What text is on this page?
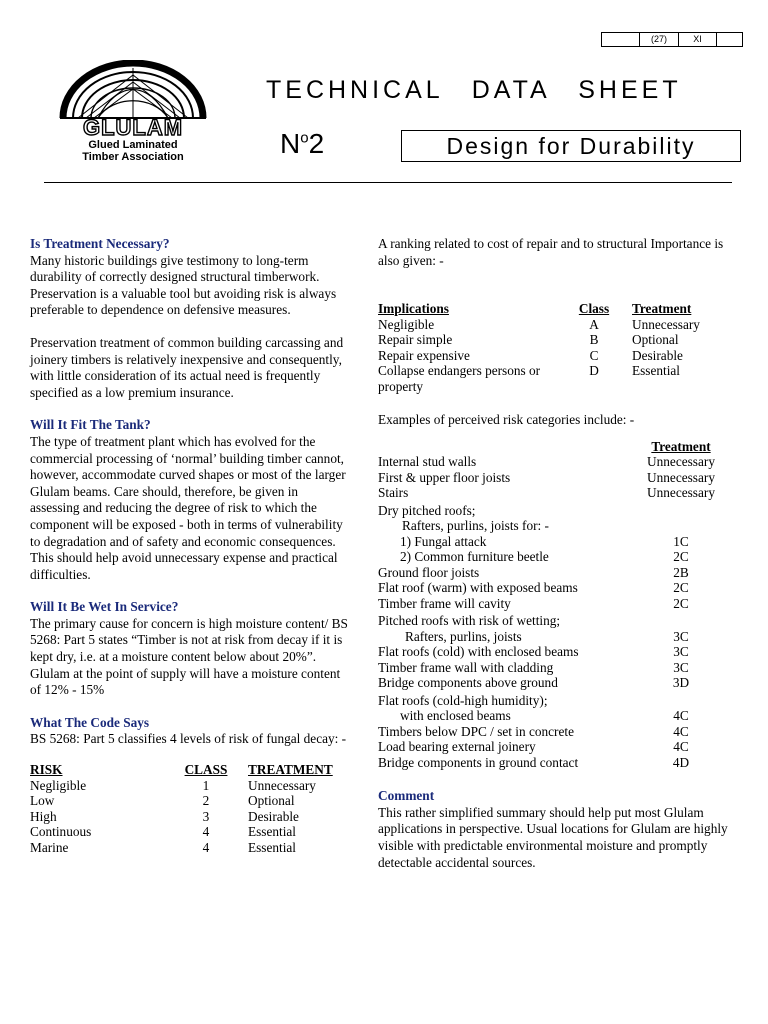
(27)	XI
GLULAM
Glued Laminated
Timber Association
TECHNICAL DATA SHEET
$N^o2$	Design for Durability
Is Treatment Necessary?

Many historic buildings give testimony to long-term durability of correctly designed structural timberwork. Preservation is a valuable tool but avoiding risk is always preferable to dependence on defensive measures.

Preservation treatment of common building carcassing and joinery timbers is relatively inexpensive and consequently, with little consideration of its actual need is frequently specified as a low premium insurance.

Will It Fit The Tank?

The type of treatment plant which has evolved for the commercial processing of ‘normal’ building timber cannot, however, accommodate curved shapes or most of the larger Glulam beams. Care should, therefore, be given in assessing and reducing the degree of risk to which the component will be exposed - both in terms of vulnerability to degradation and of safety and economic consequences. This should help avoid unnecessary expense and practical difficulties.

Will It Be Wet In Service?

The primary cause for concern is high moisture content/ BS 5268: Part 5 states “Timber is not at risk from decay if it is kept dry, i.e. at a moisture content below about 20%”. Glulam at the point of supply will have a moisture content of 12% - 15%

What The Code Says

BS 5268: Part 5 classifies 4 levels of risk of fungal decay: -

RISK	CLASS	TREATMENT
Negligible	1	Unnecessary
Low	2	Optional
High	3	Desirable
Continuous	4	Essential
Marine	4	Essential

A ranking related to cost of repair and to structural Importance is also given: -

Implications	Class	Treatment
Negligible	A	Unnecessary
Repair simple	B	Optional
Repair expensive	C	Desirable
Collapse endangers persons or property	D	Essential

Examples of perceived risk categories include: -

	Treatment
Internal stud walls	Unnecessary
First & upper floor joists	Unnecessary
Stairs	Unnecessary
Dry pitched roofs;	
Rafters, purlins, joists for: -	
1) Fungal attack	1C
2) Common furniture beetle	2C
Ground floor joists	2B
Flat roof (warm) with exposed beams	2C
Timber frame will cavity	2C
Pitched roofs with risk of wetting;	
Rafters, purlins, joists	3C
Flat roofs (cold) with enclosed beams	3C
Timber frame wall with cladding	3C
Bridge components above ground	3D
Flat roofs (cold-high humidity);	
with enclosed beams	4C
Timbers below DPC / set in concrete	4C
Load bearing external joinery	4C
Bridge components in ground contact	4D
Comment

This rather simplified summary should help put most Glulam applications in perspective. Usual locations for Glulam are highly visible with predictable environmental moisture and promptly detectable accidental sources.
